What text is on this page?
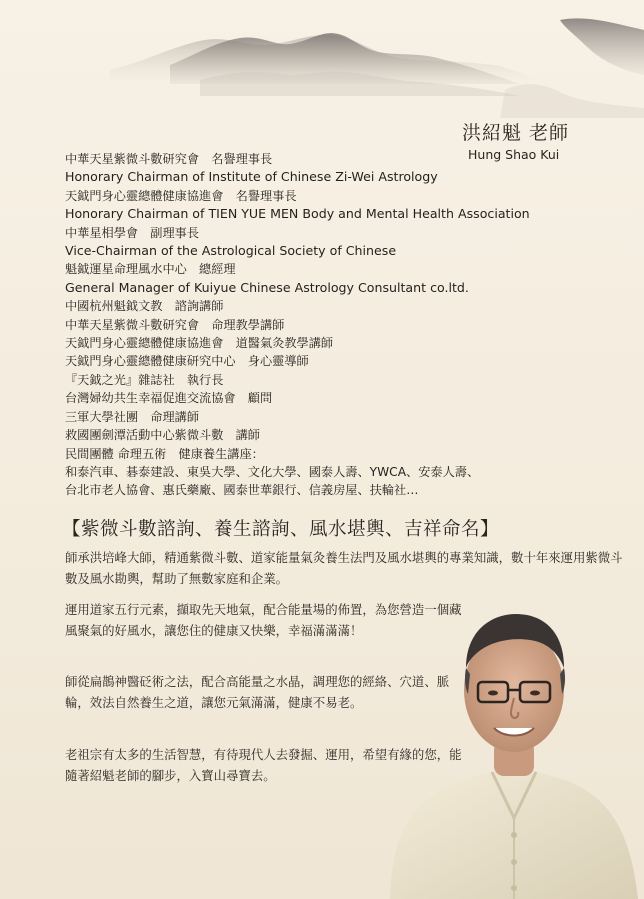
洪紹魁 老師
Hung Shao Kui
中華天星紫微斗數研究會　名譽理事長
Honorary Chairman of Institute of Chinese Zi-Wei Astrology
天鉞門身心靈總體健康協進會　名譽理事長
Honorary Chairman of TIEN YUE MEN Body and Mental Health Association
中華星相學會　副理事長
Vice-Chairman of the Astrological Society of Chinese
魁鉞運星命理風水中心　總經理
General Manager of Kuiyue Chinese Astrology Consultant co.ltd.
中國杭州魁鉞文教　諮詢講師
中華天星紫微斗數研究會　命理教學講師
天鉞門身心靈總體健康協進會　道醫氣灸教學講師
天鉞門身心靈總體健康研究中心　身心靈導師
『天鉞之光』雜誌社　執行長
台灣婦幼共生幸福促進交流協會　顧問
三軍大學社團　命理講師
救國團劍潭活動中心紫微斗數　講師
民間團體 命理五術　健康養生講座：
和泰汽車、碁泰建設、東吳大學、文化大學、國泰人壽、YWCA、安泰人壽、
台北市老人協會、惠氏藥廠、國泰世華銀行、信義房屋、扶輪社…
【紫微斗數諮詢、養生諮詢、風水堪輿、吉祥命名】
師承洪培峰大師，精通紫微斗數、道家能量氣灸養生法門及風水堪輿的專業知識，數十年來運用紫微斗數及風水勘輿，幫助了無數家庭和企業。
運用道家五行元素，擷取先天地氣，配合能量場的佈置，為您營造一個藏風聚氣的好風水，讓您住的健康又快樂，幸福滿滿滿！
師從扁鵲神醫砭術之法，配合高能量之水晶，調理您的經絡、穴道、脈輪，效法自然養生之道，讓您元氣滿滿，健康不易老。
老祖宗有太多的生活智慧，有待現代人去發掘、運用，希望有緣的您，能隨著紹魁老師的腳步，入寶山尋寶去。
